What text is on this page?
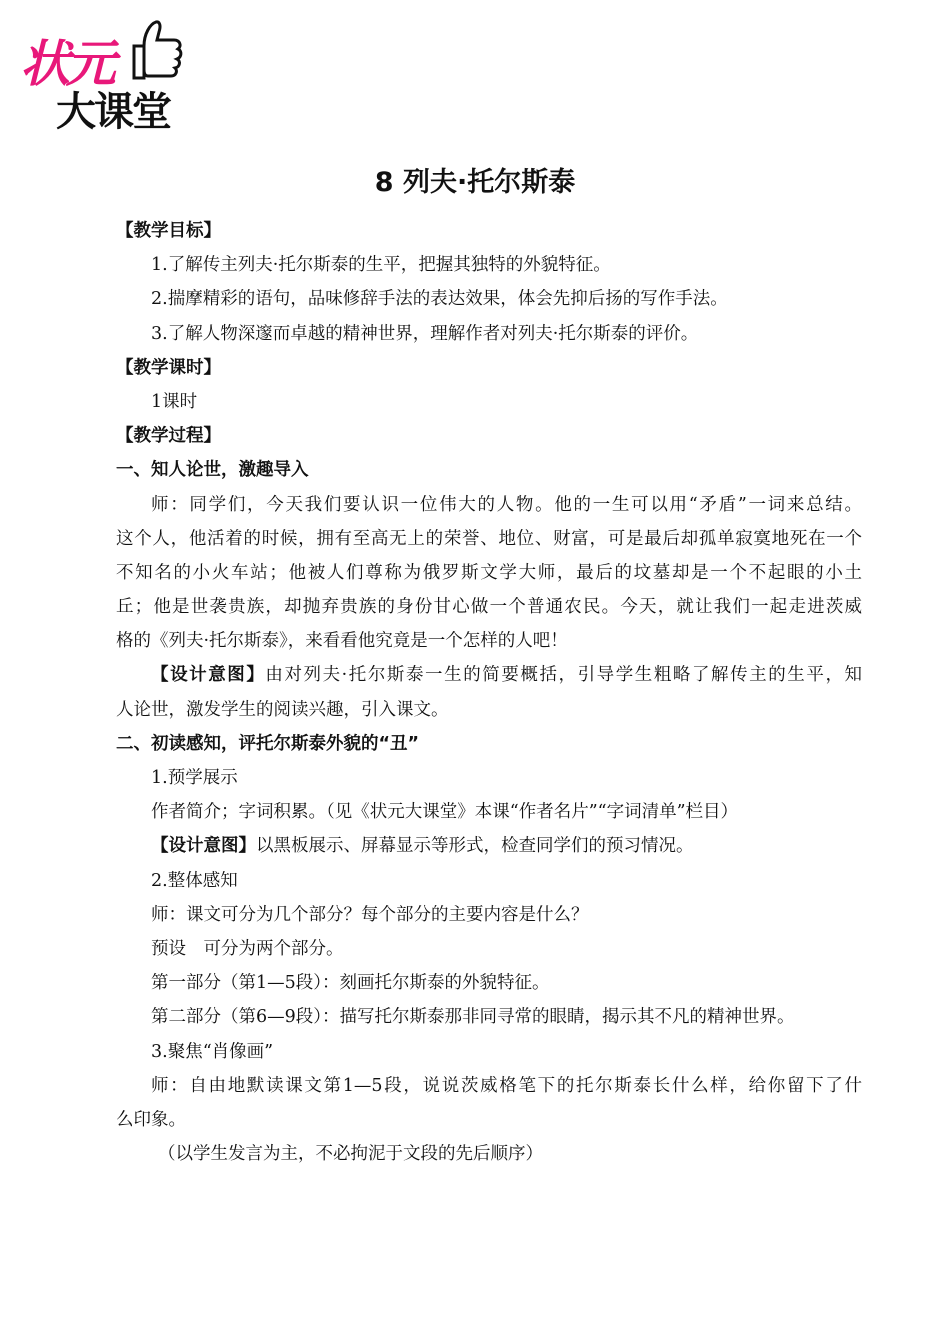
状元
大课堂
8 列夫·托尔斯泰
【教学目标】
1.了解传主列夫·托尔斯泰的生平，把握其独特的外貌特征。
2.揣摩精彩的语句，品味修辞手法的表达效果，体会先抑后扬的写作手法。
3.了解人物深邃而卓越的精神世界，理解作者对列夫·托尔斯泰的评价。
【教学课时】
1课时
【教学过程】
一、知人论世，激趣导入
师：同学们，今天我们要认识一位伟大的人物。他的一生可以用“矛盾”一词来总结。
这个人，他活着的时候，拥有至高无上的荣誉、地位、财富，可是最后却孤单寂寞地死在一个
不知名的小火车站；他被人们尊称为俄罗斯文学大师，最后的坟墓却是一个不起眼的小土
丘；他是世袭贵族，却抛弃贵族的身份甘心做一个普通农民。今天，就让我们一起走进茨威
格的《列夫·托尔斯泰》，来看看他究竟是一个怎样的人吧！
【设计意图】由对列夫·托尔斯泰一生的简要概括，引导学生粗略了解传主的生平，知
人论世，激发学生的阅读兴趣，引入课文。
二、初读感知，评托尔斯泰外貌的“丑”
1.预学展示
作者简介；字词积累。（见《状元大课堂》本课“作者名片”“字词清单”栏目）
【设计意图】以黑板展示、屏幕显示等形式，检查同学们的预习情况。
2.整体感知
师：课文可分为几个部分？每个部分的主要内容是什么？
预设　可分为两个部分。
第一部分（第1—5段）：刻画托尔斯泰的外貌特征。
第二部分（第6—9段）：描写托尔斯泰那非同寻常的眼睛，揭示其不凡的精神世界。
3.聚焦“肖像画”
师：自由地默读课文第1—5段，说说茨威格笔下的托尔斯泰长什么样，给你留下了什
么印象。
（以学生发言为主，不必拘泥于文段的先后顺序）
